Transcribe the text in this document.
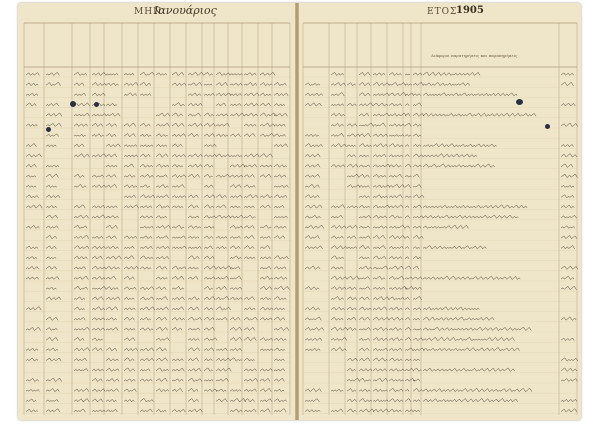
ΜΗΝ
Ιανουάριος	ΕΤΟΣ
1905
Διάφοροι παρατηρήσεις και παραπηρήσεις
